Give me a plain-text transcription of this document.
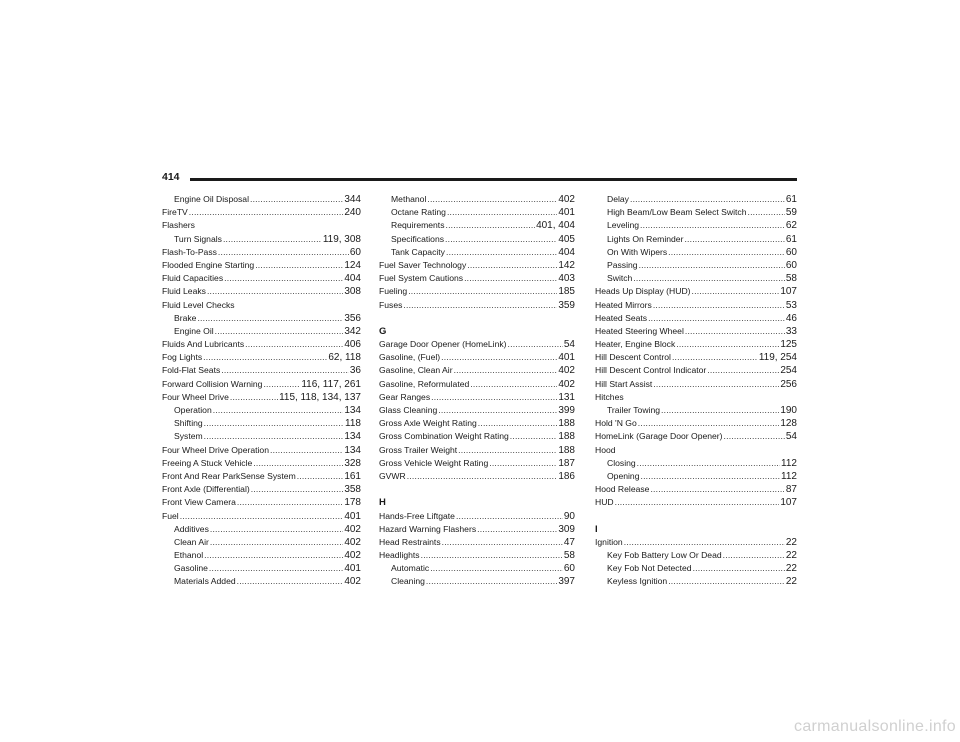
414
Engine Oil Disposal .....	344
FireTV .....	240
Flashers
Turn Signals .....	119, 308
Flash-To-Pass .....	60
Flooded Engine Starting .....	124
Fluid Capacities .....	404
Fluid Leaks .....	308
Fluid Level Checks
Brake .....	356
Engine Oil .....	342
Fluids And Lubricants .....	406
Fog Lights .....	62, 118
Fold-Flat Seats .....	36
Forward Collision Warning .....	116, 117, 261
Four Wheel Drive .....	115, 118, 134, 137
Operation .....	134
Shifting .....	118
System .....	134
Four Wheel Drive Operation .....	134
Freeing A Stuck Vehicle .....	328
Front And Rear ParkSense System .....	161
Front Axle (Differential) .....	358
Front View Camera .....	178
Fuel .....	401
Additives .....	402
Clean Air .....	402
Ethanol .....	402
Gasoline .....	401
Materials Added .....	402
Methanol .....	402
Octane Rating .....	401
Requirements .....	401, 404
Specifications .....	405
Tank Capacity .....	404
Fuel Saver Technology .....	142
Fuel System Cautions .....	403
Fueling .....	185
Fuses .....	359
G
Garage Door Opener (HomeLink) .....	54
Gasoline, (Fuel) .....	401
Gasoline, Clean Air .....	402
Gasoline, Reformulated .....	402
Gear Ranges .....	131
Glass Cleaning .....	399
Gross Axle Weight Rating .....	188
Gross Combination Weight Rating .....	188
Gross Trailer Weight .....	188
Gross Vehicle Weight Rating .....	187
GVWR .....	186
H
Hands-Free Liftgate .....	90
Hazard Warning Flashers .....	309
Head Restraints .....	47
Headlights .....	58
Automatic .....	60
Cleaning .....	397
Delay .....	61
High Beam/Low Beam Select Switch .....	59
Leveling .....	62
Lights On Reminder .....	61
On With Wipers .....	60
Passing .....	60
Switch .....	58
Heads Up Display (HUD) .....	107
Heated Mirrors .....	53
Heated Seats .....	46
Heated Steering Wheel .....	33
Heater, Engine Block .....	125
Hill Descent Control .....	119, 254
Hill Descent Control Indicator .....	254
Hill Start Assist .....	256
Hitches
Trailer Towing .....	190
Hold 'N Go .....	128
HomeLink (Garage Door Opener) .....	54
Hood
Closing .....	112
Opening .....	112
Hood Release .....	87
HUD .....	107
I
Ignition .....	22
Key Fob Battery Low Or Dead .....	22
Key Fob Not Detected .....	22
Keyless Ignition .....	22
carmanualsonline.info
